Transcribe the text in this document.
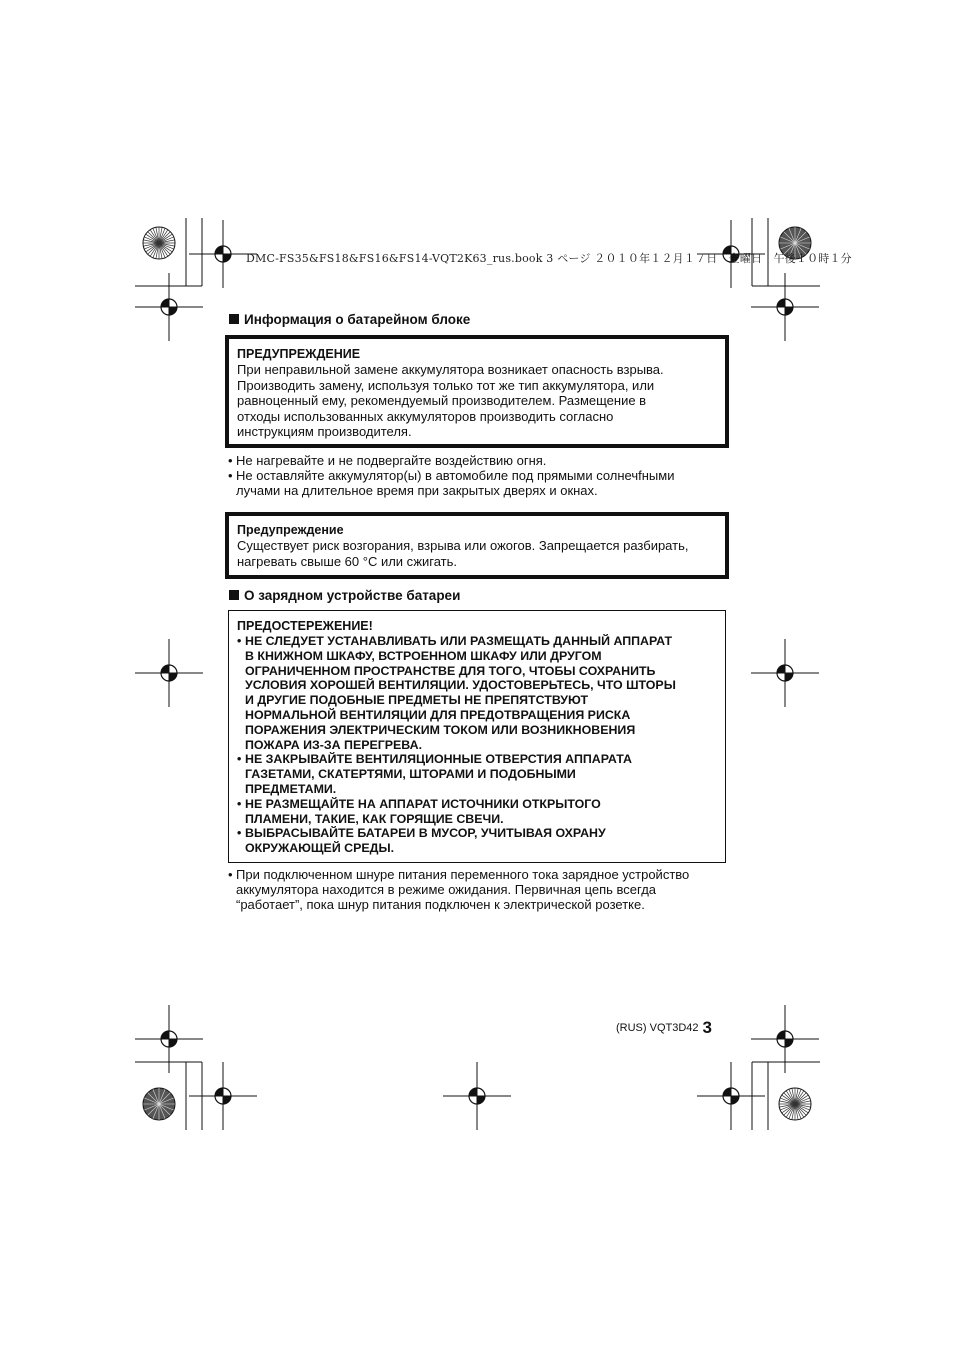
DMC-FS35&FS18&FS16&FS14-VQT2K63_rus.book 3 ページ ２０１０年１２月１７日　金曜日　午後１０時１分
Информация о батарейном блоке
ПРЕДУПРЕЖДЕНИЕ
При неправильной замене аккумулятора возникает опасность взрыва.
Производить замену, используя только тот же тип аккумулятора, или
равноценный ему, рекомендуемый производителем. Размещение в
отходы использованных аккумуляторов производить согласно
инструкциям производителя.
• Не нагревайте и не подвергайте воздействию огня.
• Не оставляйте аккумулятор(ы) в автомобиле под прямыми солнечfными
лучами на длительное время при закрытых дверях и окнах.
Предупреждение
Существует риск возгорания, взрыва или ожогов. Запрещается разбирать,
нагревать свыше 60 °C или сжигать.
О зарядном устройстве батареи
ПРЕДОСТЕРЕЖЕНИЕ!
• НЕ СЛЕДУЕТ УСТАНАВЛИВАТЬ ИЛИ РАЗМЕЩАТЬ ДАННЫЙ АППАРАТ
В КНИЖНОМ ШКАФУ, ВСТРОЕННОМ ШКАФУ ИЛИ ДРУГОМ
ОГРАНИЧЕННОМ ПРОСТРАНСТВЕ ДЛЯ ТОГО, ЧТОБЫ СОХРАНИТЬ
УСЛОВИЯ ХОРОШЕЙ ВЕНТИЛЯЦИИ. УДОСТОВЕРЬТЕСЬ, ЧТО ШТОРЫ
И ДРУГИЕ ПОДОБНЫЕ ПРЕДМЕТЫ НЕ ПРЕПЯТСТВУЮТ
НОРМАЛЬНОЙ ВЕНТИЛЯЦИИ ДЛЯ ПРЕДОТВРАЩЕНИЯ РИСКА
ПОРАЖЕНИЯ ЭЛЕКТРИЧЕСКИМ ТОКОМ ИЛИ ВОЗНИКНОВЕНИЯ
ПОЖАРА ИЗ-ЗА ПЕРЕГРЕВА.
• НЕ ЗАКРЫВАЙТЕ ВЕНТИЛЯЦИОННЫЕ ОТВЕРСТИЯ АППАРАТА
ГАЗЕТАМИ, СКАТЕРТЯМИ, ШТОРАМИ И ПОДОБНЫМИ
ПРЕДМЕТАМИ.
• НЕ РАЗМЕЩАЙТЕ НА АППАРАТ ИСТОЧНИКИ ОТКРЫТОГО
ПЛАМЕНИ, ТАКИЕ, КАК ГОРЯЩИЕ СВЕЧИ.
• ВЫБРАСЫВАЙТЕ БАТАРЕИ В МУСОР, УЧИТЫВАЯ ОХРАНУ
ОКРУЖАЮЩЕЙ СРЕДЫ.
• При подключенном шнуре питания переменного тока зарядное устройство
аккумулятора находится в режиме ожидания. Первичная цепь всегда
“работает”, пока шнур питания подключен к электрической розетке.
(RUS) VQT3D42 3
